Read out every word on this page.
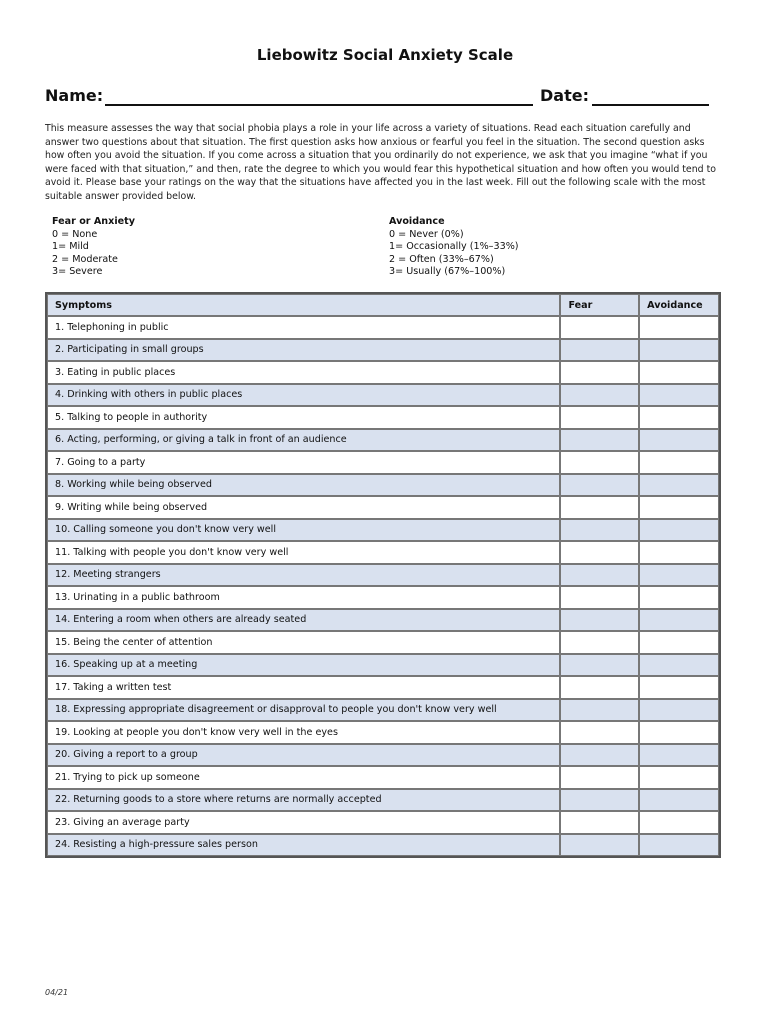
Liebowitz Social Anxiety Scale
Name:	Date:
This measure assesses the way that social phobia plays a role in your life across a variety of situations. Read each situation carefully and answer two questions about that situation. The first question asks how anxious or fearful you feel in the situation. The second question asks how often you avoid the situation. If you come across a situation that you ordinarily do not experience, we ask that you imagine “what if you were faced with that situation,” and then, rate the degree to which you would fear this hypothetical situation and how often you would tend to avoid it. Please base your ratings on the way that the situations have affected you in the last week. Fill out the following scale with the most suitable answer provided below.
Fear or Anxiety
0 = None
1= Mild
2 = Moderate
3= Severe
Avoidance
0 = Never (0%)
1= Occasionally (1%–33%)
2 = Often (33%–67%)
3= Usually (67%–100%)
Symptoms	Fear	Avoidance
1. Telephoning in public		
2. Participating in small groups		
3. Eating in public places		
4. Drinking with others in public places		
5. Talking to people in authority		
6. Acting, performing, or giving a talk in front of an audience		
7. Going to a party		
8. Working while being observed		
9. Writing while being observed		
10. Calling someone you don't know very well		
11. Talking with people you don't know very well		
12. Meeting strangers		
13. Urinating in a public bathroom		
14. Entering a room when others are already seated		
15. Being the center of attention		
16. Speaking up at a meeting		
17. Taking a written test		
18. Expressing appropriate disagreement or disapproval to people you don't know very well		
19. Looking at people you don't know very well in the eyes		
20. Giving a report to a group		
21. Trying to pick up someone		
22. Returning goods to a store where returns are normally accepted		
23. Giving an average party		
24. Resisting a high-pressure sales person		
04/21
